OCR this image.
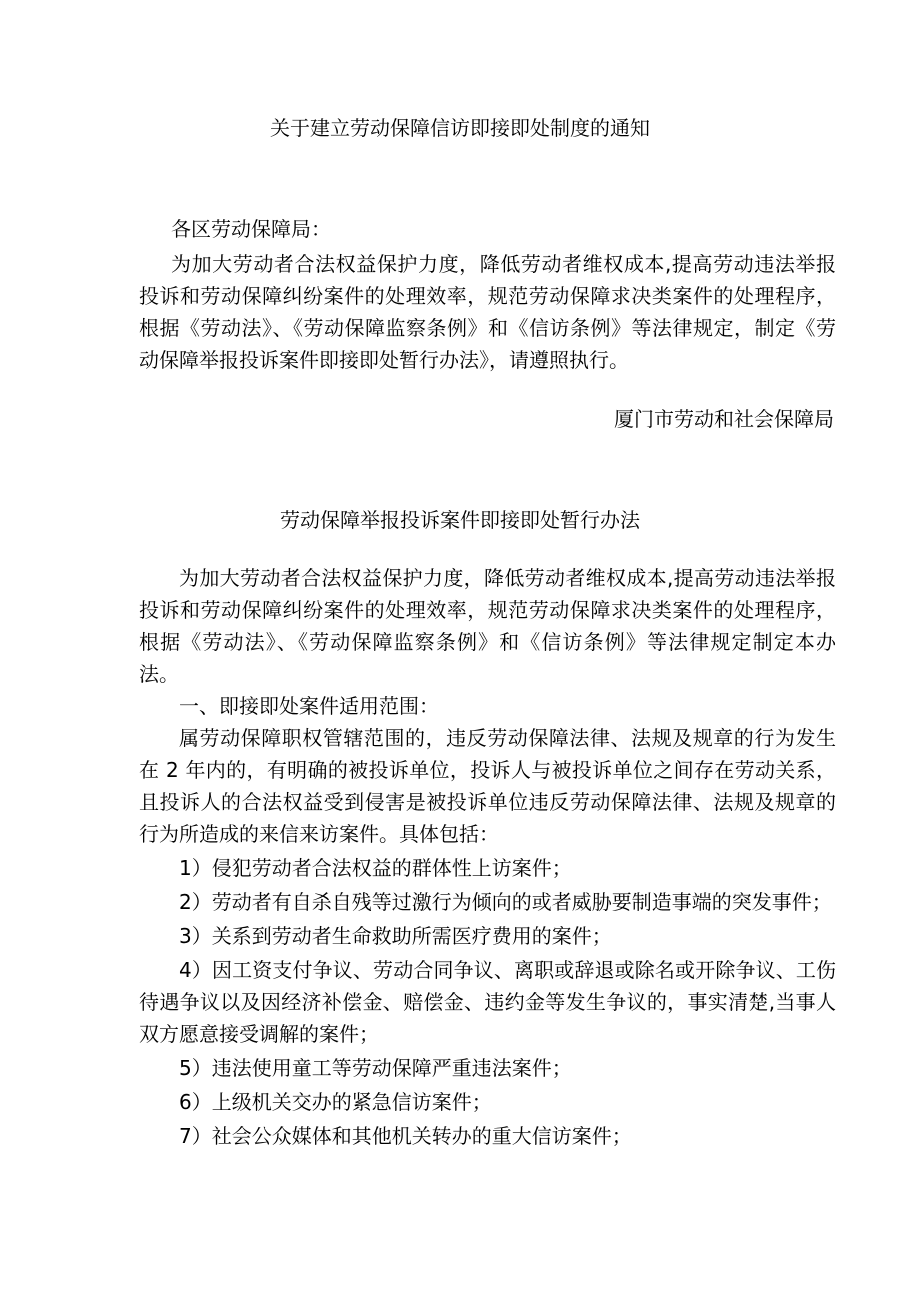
关于建立劳动保障信访即接即处制度的通知
各区劳动保障局：

为加大劳动者合法权益保护力度，降低劳动者维权成本,提高劳动违法举报投诉和劳动保障纠纷案件的处理效率，规范劳动保障求决类案件的处理程序，根据《劳动法》、《劳动保障监察条例》和《信访条例》等法律规定，制定《劳动保障举报投诉案件即接即处暂行办法》，请遵照执行。

厦门市劳动和社会保障局
劳动保障举报投诉案件即接即处暂行办法

为加大劳动者合法权益保护力度，降低劳动者维权成本,提高劳动违法举报投诉和劳动保障纠纷案件的处理效率，规范劳动保障求决类案件的处理程序，根据《劳动法》、《劳动保障监察条例》和《信访条例》等法律规定制定本办法。

一、即接即处案件适用范围：

属劳动保障职权管辖范围的，违反劳动保障法律、法规及规章的行为发生在 2 年内的，有明确的被投诉单位，投诉人与被投诉单位之间存在劳动关系，且投诉人的合法权益受到侵害是被投诉单位违反劳动保障法律、法规及规章的行为所造成的来信来访案件。具体包括：

1）侵犯劳动者合法权益的群体性上访案件；

2）劳动者有自杀自残等过激行为倾向的或者威胁要制造事端的突发事件；

3）关系到劳动者生命救助所需医疗费用的案件；

4）因工资支付争议、劳动合同争议、离职或辞退或除名或开除争议、工伤待遇争议以及因经济补偿金、赔偿金、违约金等发生争议的，事实清楚,当事人双方愿意接受调解的案件；

5）违法使用童工等劳动保障严重违法案件；

6）上级机关交办的紧急信访案件；

7）社会公众媒体和其他机关转办的重大信访案件；
